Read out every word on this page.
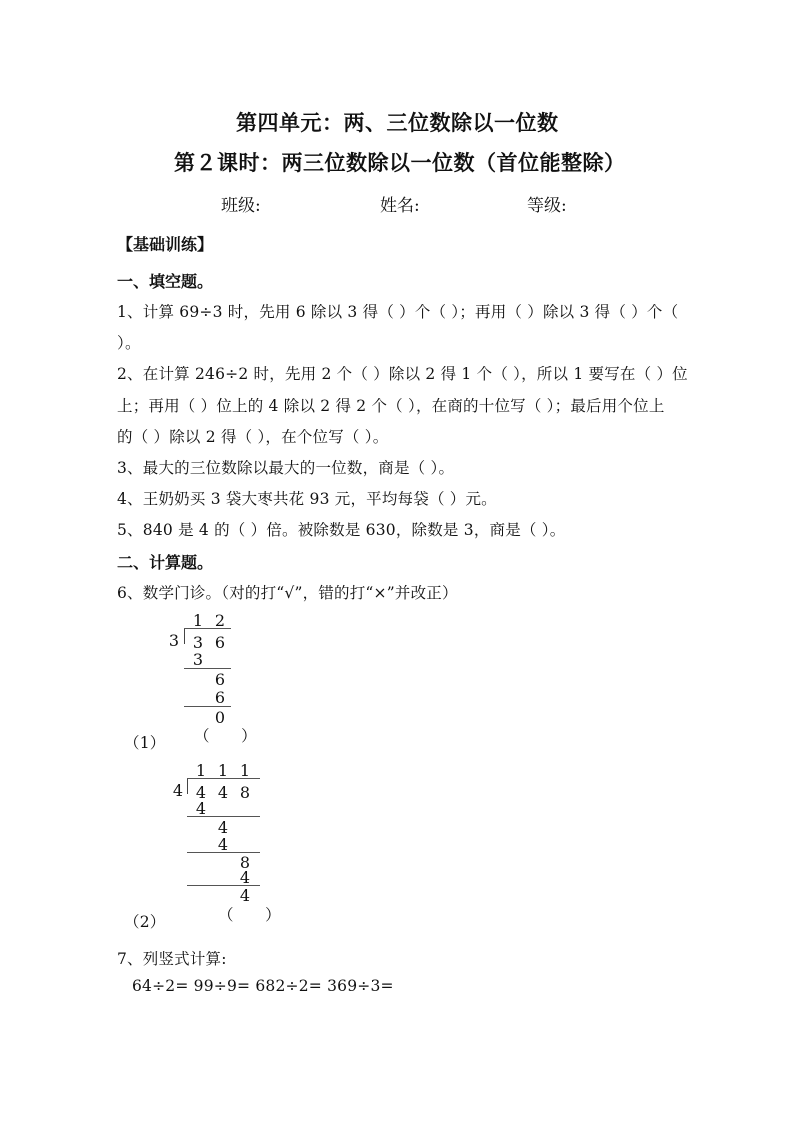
第四单元：两、三位数除以一位数
第２课时：两三位数除以一位数（首位能整除）
班级:	姓名:	等级:
【基础训练】
一、填空题。
1、计算 69÷3 时，先用 6 除以 3 得（ ）个（ ）；再用（ ）除以 3 得（ ）个（
）。
2、在计算 246÷2 时，先用 2 个（ ）除以 2 得 1 个（ ），所以 1 要写在（ ）位
上；再用（ ）位上的 4 除以 2 得 2 个（ ），在商的十位写（ ）；最后用个位上
的（ ）除以 2 得（ ），在个位写（ ）。
3、最大的三位数除以最大的一位数，商是（ ）。
4、王奶奶买 3 袋大枣共花 93 元，平均每袋（ ）元。
5、840 是 4 的（ ）倍。被除数是 630，除数是 3，商是（ ）。
二、计算题。
6、数学门诊。（对的打“√”，错的打“×”并改正）
1 2
3 3 6
3
6
6
0
（　　）
（1）
1 1 1
4 4 4 8
4
4
4
8
4
4
（　　）
（2）
7、列竖式计算:
64÷2= 99÷9= 682÷2= 369÷3=
